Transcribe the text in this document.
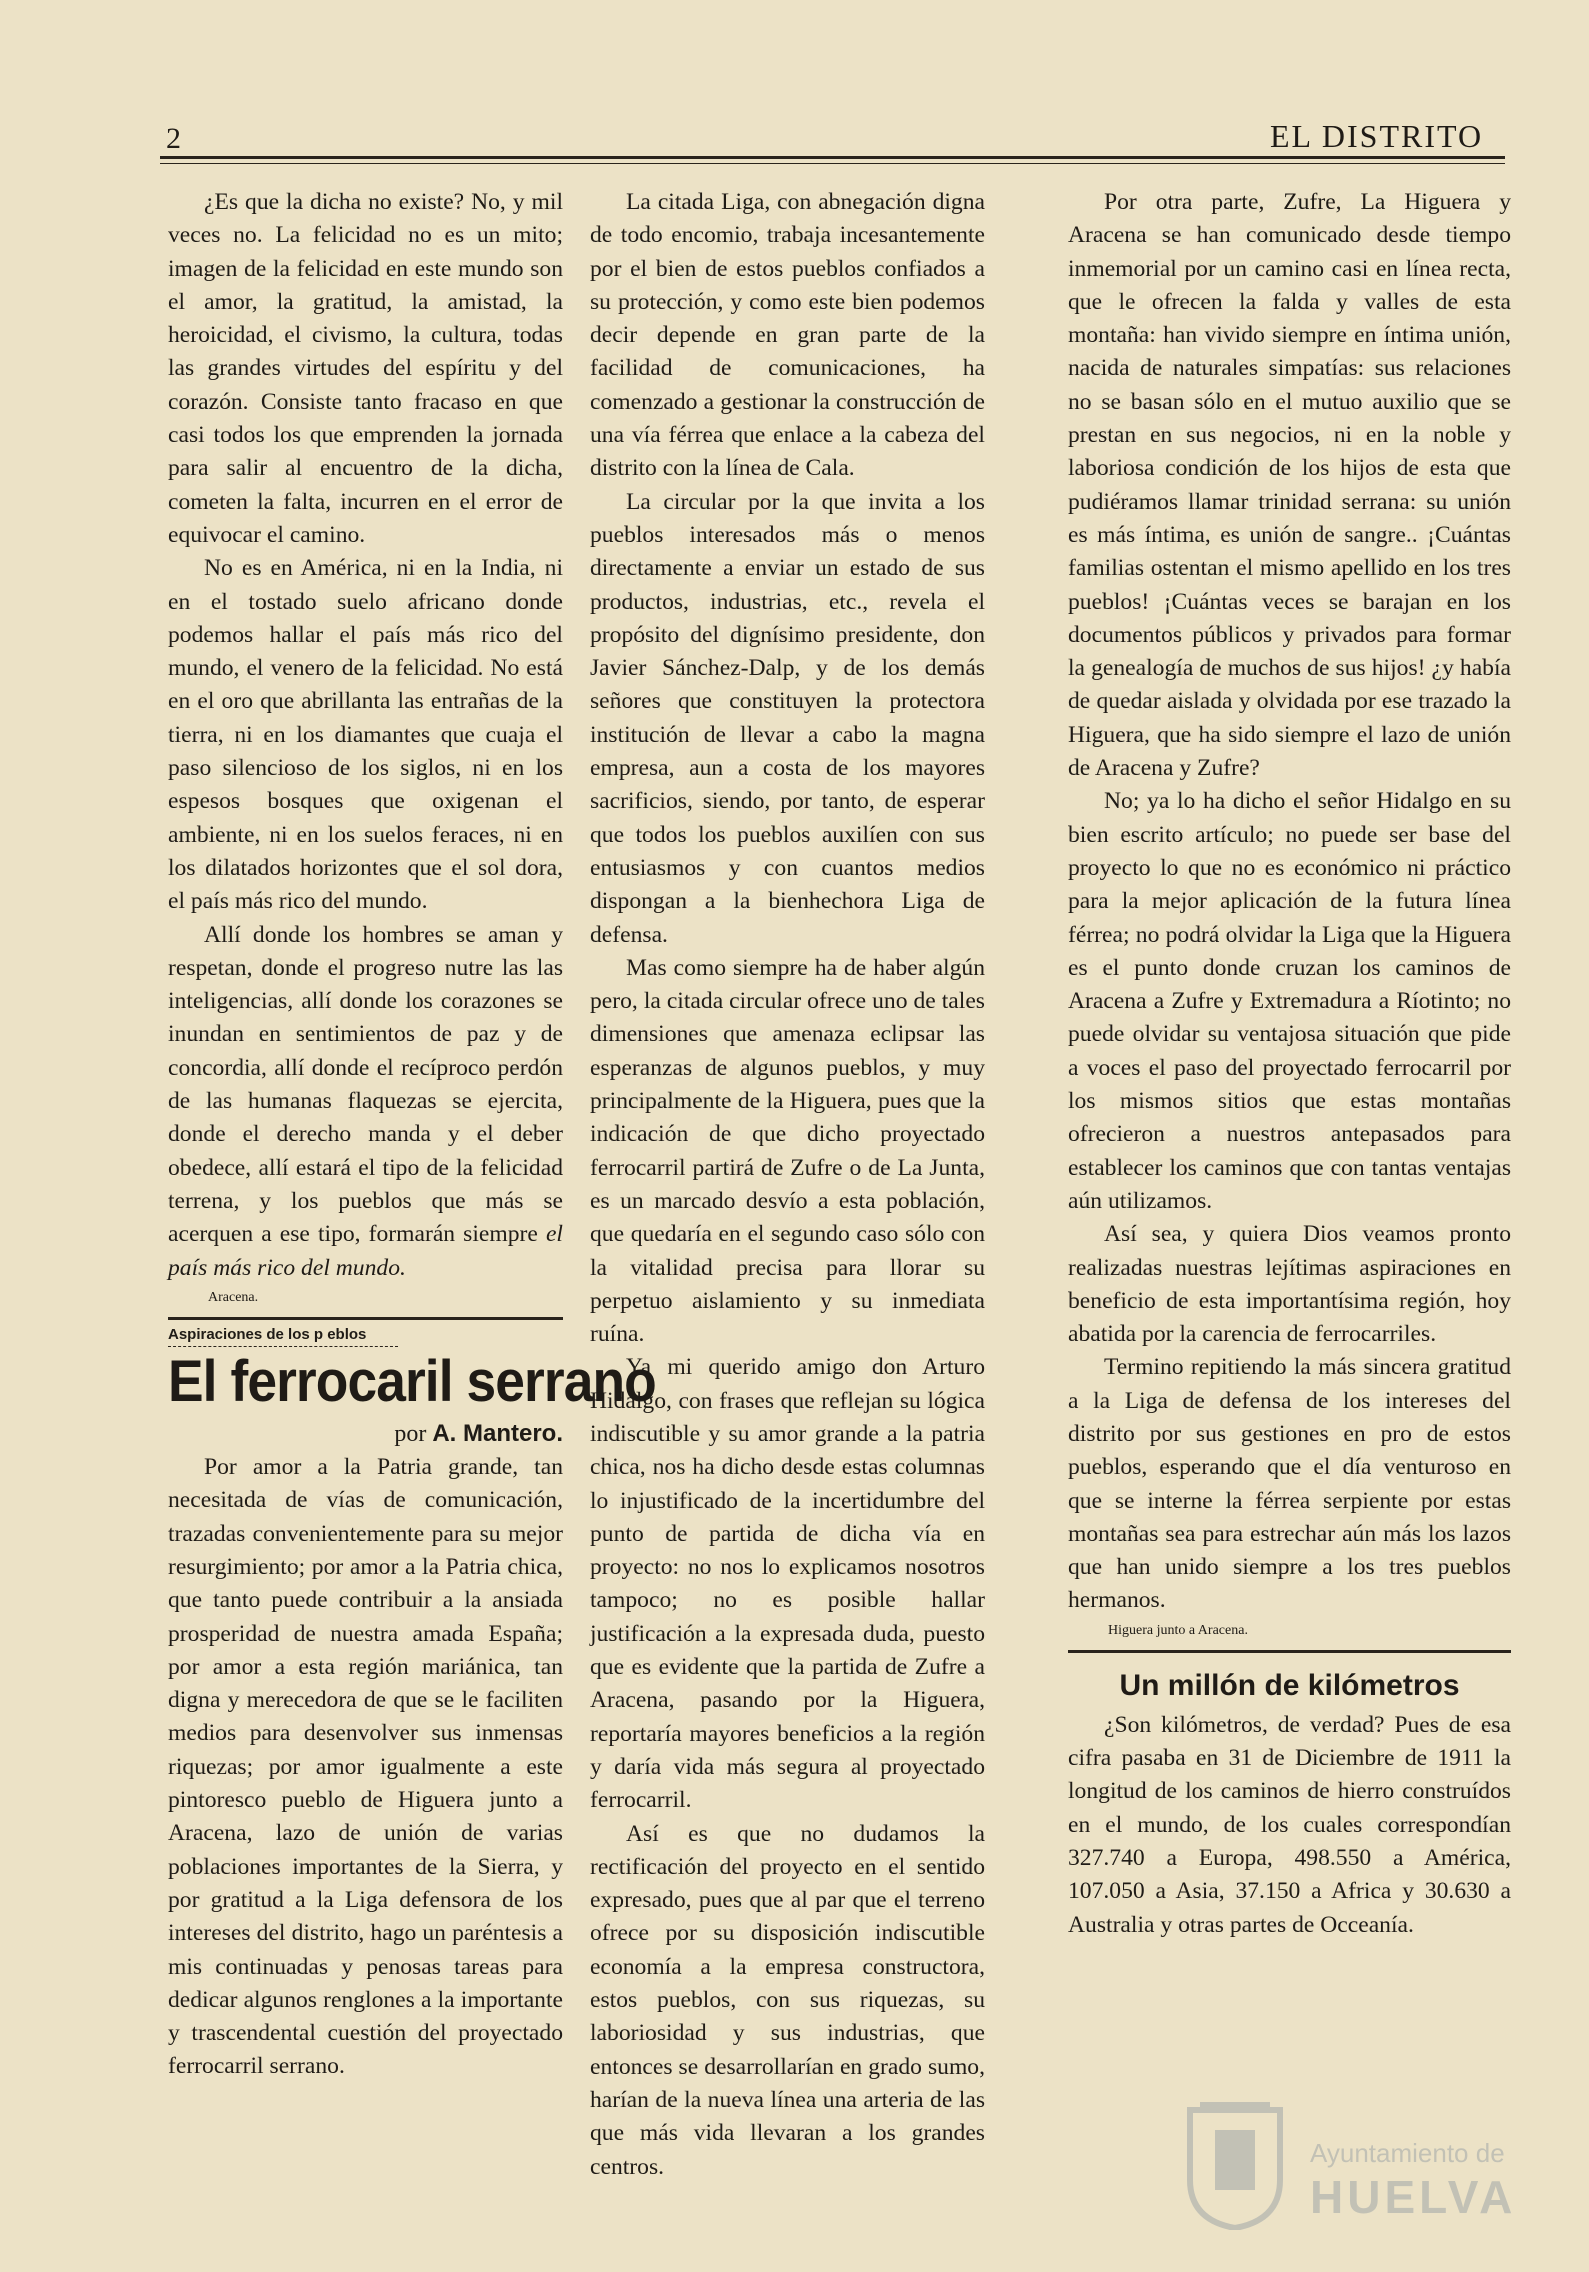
2	EL DISTRITO

¿Es que la dicha no existe? No, y mil veces no. La felicidad no es un mito; imagen de la felicidad en este mundo son el amor, la gratitud, la amistad, la heroicidad, el civismo, la cultura, todas las grandes virtudes del espíritu y del corazón. Consiste tanto fracaso en que casi todos los que emprenden la jornada para salir al encuentro de la dicha, cometen la falta, incurren en el error de equivocar el camino.

No es en América, ni en la India, ni en el tostado suelo africano donde podemos hallar el país más rico del mundo, el venero de la felicidad. No está en el oro que abrillanta las entrañas de la tierra, ni en los diamantes que cuaja el paso silencioso de los siglos, ni en los espesos bosques que oxigenan el ambiente, ni en los suelos feraces, ni en los dilatados horizontes que el sol dora, el país más rico del mundo.

Allí donde los hombres se aman y respetan, donde el progreso nutre las las inteligencias, allí donde los corazones se inundan en sentimientos de paz y de concordia, allí donde el recíproco perdón de las humanas flaquezas se ejercita, donde el derecho manda y el deber obedece, allí estará el tipo de la felicidad terrena, y los pueblos que más se acerquen a ese tipo, formarán siempre el país más rico del mundo.

Aracena.

Aspiraciones de los p eblos

El ferrocaril serrano

por A. Mantero.

Por amor a la Patria grande, tan necesitada de vías de comunicación, trazadas convenientemente para su mejor resurgimiento; por amor a la Patria chica, que tanto puede contribuir a la ansiada prosperidad de nuestra amada España; por amor a esta región mariánica, tan digna y merecedora de que se le faciliten medios para desenvolver sus inmensas riquezas; por amor igualmente a este pintoresco pueblo de Higuera junto a Aracena, lazo de unión de varias poblaciones importantes de la Sierra, y por gratitud a la Liga defensora de los intereses del distrito, hago un paréntesis a mis continuadas y penosas tareas para dedicar algunos renglones a la importante y trascendental cuestión del proyectado ferrocarril serrano.

La citada Liga, con abnegación digna de todo encomio, trabaja incesantemente por el bien de estos pueblos confiados a su protección, y como este bien podemos decir depende en gran parte de la facilidad de comunicaciones, ha comenzado a gestionar la construcción de una vía férrea que enlace a la cabeza del distrito con la línea de Cala.

La circular por la que invita a los pueblos interesados más o menos directamente a enviar un estado de sus productos, industrias, etc., revela el propósito del dignísimo presidente, don Javier Sánchez-Dalp, y de los demás señores que constituyen la protectora institución de llevar a cabo la magna empresa, aun a costa de los mayores sacrificios, siendo, por tanto, de esperar que todos los pueblos auxilíen con sus entusiasmos y con cuantos medios dispongan a la bienhechora Liga de defensa.

Mas como siempre ha de haber algún pero, la citada circular ofrece uno de tales dimensiones que amenaza eclipsar las esperanzas de algunos pueblos, y muy principalmente de la Higuera, pues que la indicación de que dicho proyectado ferrocarril partirá de Zufre o de La Junta, es un marcado desvío a esta población, que quedaría en el segundo caso sólo con la vitalidad precisa para llorar su perpetuo aislamiento y su inmediata ruína.

Ya mi querido amigo don Arturo Hidalgo, con frases que reflejan su lógica indiscutible y su amor grande a la patria chica, nos ha dicho desde estas columnas lo injustificado de la incertidumbre del punto de partida de dicha vía en proyecto: no nos lo explicamos nosotros tampoco; no es posible hallar justificación a la expresada duda, puesto que es evidente que la partida de Zufre a Aracena, pasando por la Higuera, reportaría mayores beneficios a la región y daría vida más segura al proyectado ferrocarril.

Así es que no dudamos la rectificación del proyecto en el sentido expresado, pues que al par que el terreno ofrece por su disposición indiscutible economía a la empresa constructora, estos pueblos, con sus riquezas, su laboriosidad y sus industrias, que entonces se desarrollarían en grado sumo, harían de la nueva línea una arteria de las que más vida llevaran a los grandes centros.

Por otra parte, Zufre, La Higuera y Aracena se han comunicado desde tiempo inmemorial por un camino casi en línea recta, que le ofrecen la falda y valles de esta montaña: han vivido siempre en íntima unión, nacida de naturales simpatías: sus relaciones no se basan sólo en el mutuo auxilio que se prestan en sus negocios, ni en la noble y laboriosa condición de los hijos de esta que pudiéramos llamar trinidad serrana: su unión es más íntima, es unión de sangre.. ¡Cuántas familias ostentan el mismo apellido en los tres pueblos! ¡Cuántas veces se barajan en los documentos públicos y privados para formar la genealogía de muchos de sus hijos! ¿y había de quedar aislada y olvidada por ese trazado la Higuera, que ha sido siempre el lazo de unión de Aracena y Zufre?

No; ya lo ha dicho el señor Hidalgo en su bien escrito artículo; no puede ser base del proyecto lo que no es económico ni práctico para la mejor aplicación de la futura línea férrea; no podrá olvidar la Liga que la Higuera es el punto donde cruzan los caminos de Aracena a Zufre y Extremadura a Ríotinto; no puede olvidar su ventajosa situación que pide a voces el paso del proyectado ferrocarril por los mismos sitios que estas montañas ofrecieron a nuestros antepasados para establecer los caminos que con tantas ventajas aún utilizamos.

Así sea, y quiera Dios veamos pronto realizadas nuestras lejítimas aspiraciones en beneficio de esta importantísima región, hoy abatida por la carencia de ferrocarriles.

Termino repitiendo la más sincera gratitud a la Liga de defensa de los intereses del distrito por sus gestiones en pro de estos pueblos, esperando que el día venturoso en que se interne la férrea serpiente por estas montañas sea para estrechar aún más los lazos que han unido siempre a los tres pueblos hermanos.

Higuera junto a Aracena.

Un millón de kilómetros

¿Son kilómetros, de verdad? Pues de esa cifra pasaba en 31 de Diciembre de 1911 la longitud de los caminos de hierro construídos en el mundo, de los cuales correspondían 327.740 a Europa, 498.550 a América, 107.050 a Asia, 37.150 a Africa y 30.630 a Australia y otras partes de Occeanía.

Ayuntamiento de
HUELVA
